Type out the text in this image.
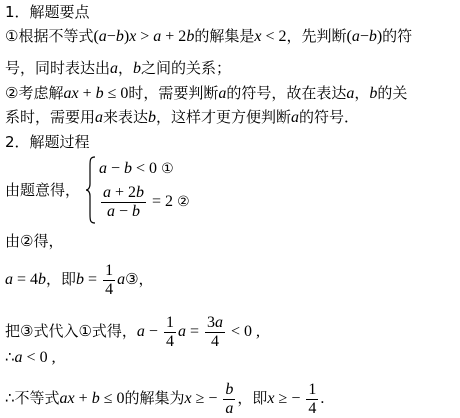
1．解题要点
①根据不等式(a−b)x > a + 2b的解集是x < 2，先判断(a−b)的符
号，同时表达出a，b之间的关系；
②考虑解ax + b ≤ 0时，需要判断a的符号，故在表达a，b的关
系时，需要用a来表达b，这样才更方便判断a的符号．
2．解题过程
由题意得，
a − b < 0 ①
$\frac{a + 2b}{a - b} = 2$ ②
由②得，
a = 4b，即$b = \frac{1}{4}$ a③，
把③式代入①式得，$a - \frac{1}{4}$ $a = \frac{3a}{4} < 0$ ,
∴a < 0 ,
∴不等式ax + b ≤ 0的解集为x ≥ − $\frac{b}{a}$ ，即x ≥ − $\frac{1}{4}$ .
